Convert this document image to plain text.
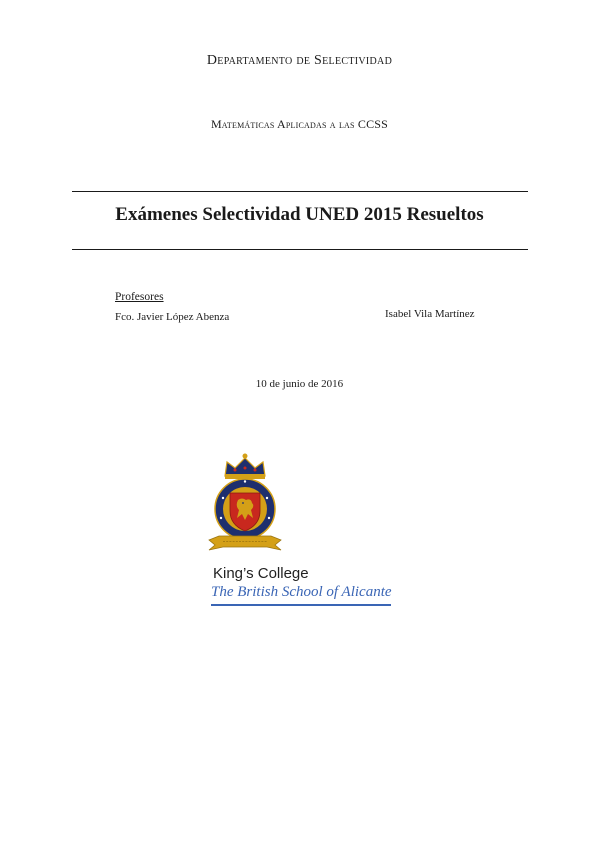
Departamento de Selectividad
Matemáticas Aplicadas a las CCSS
Exámenes Selectividad UNED 2015 Resueltos
Profesores
Fco. Javier López Abenza	Isabel Vila Martínez
10 de junio de 2016
King’s College
The British School of Alicante
